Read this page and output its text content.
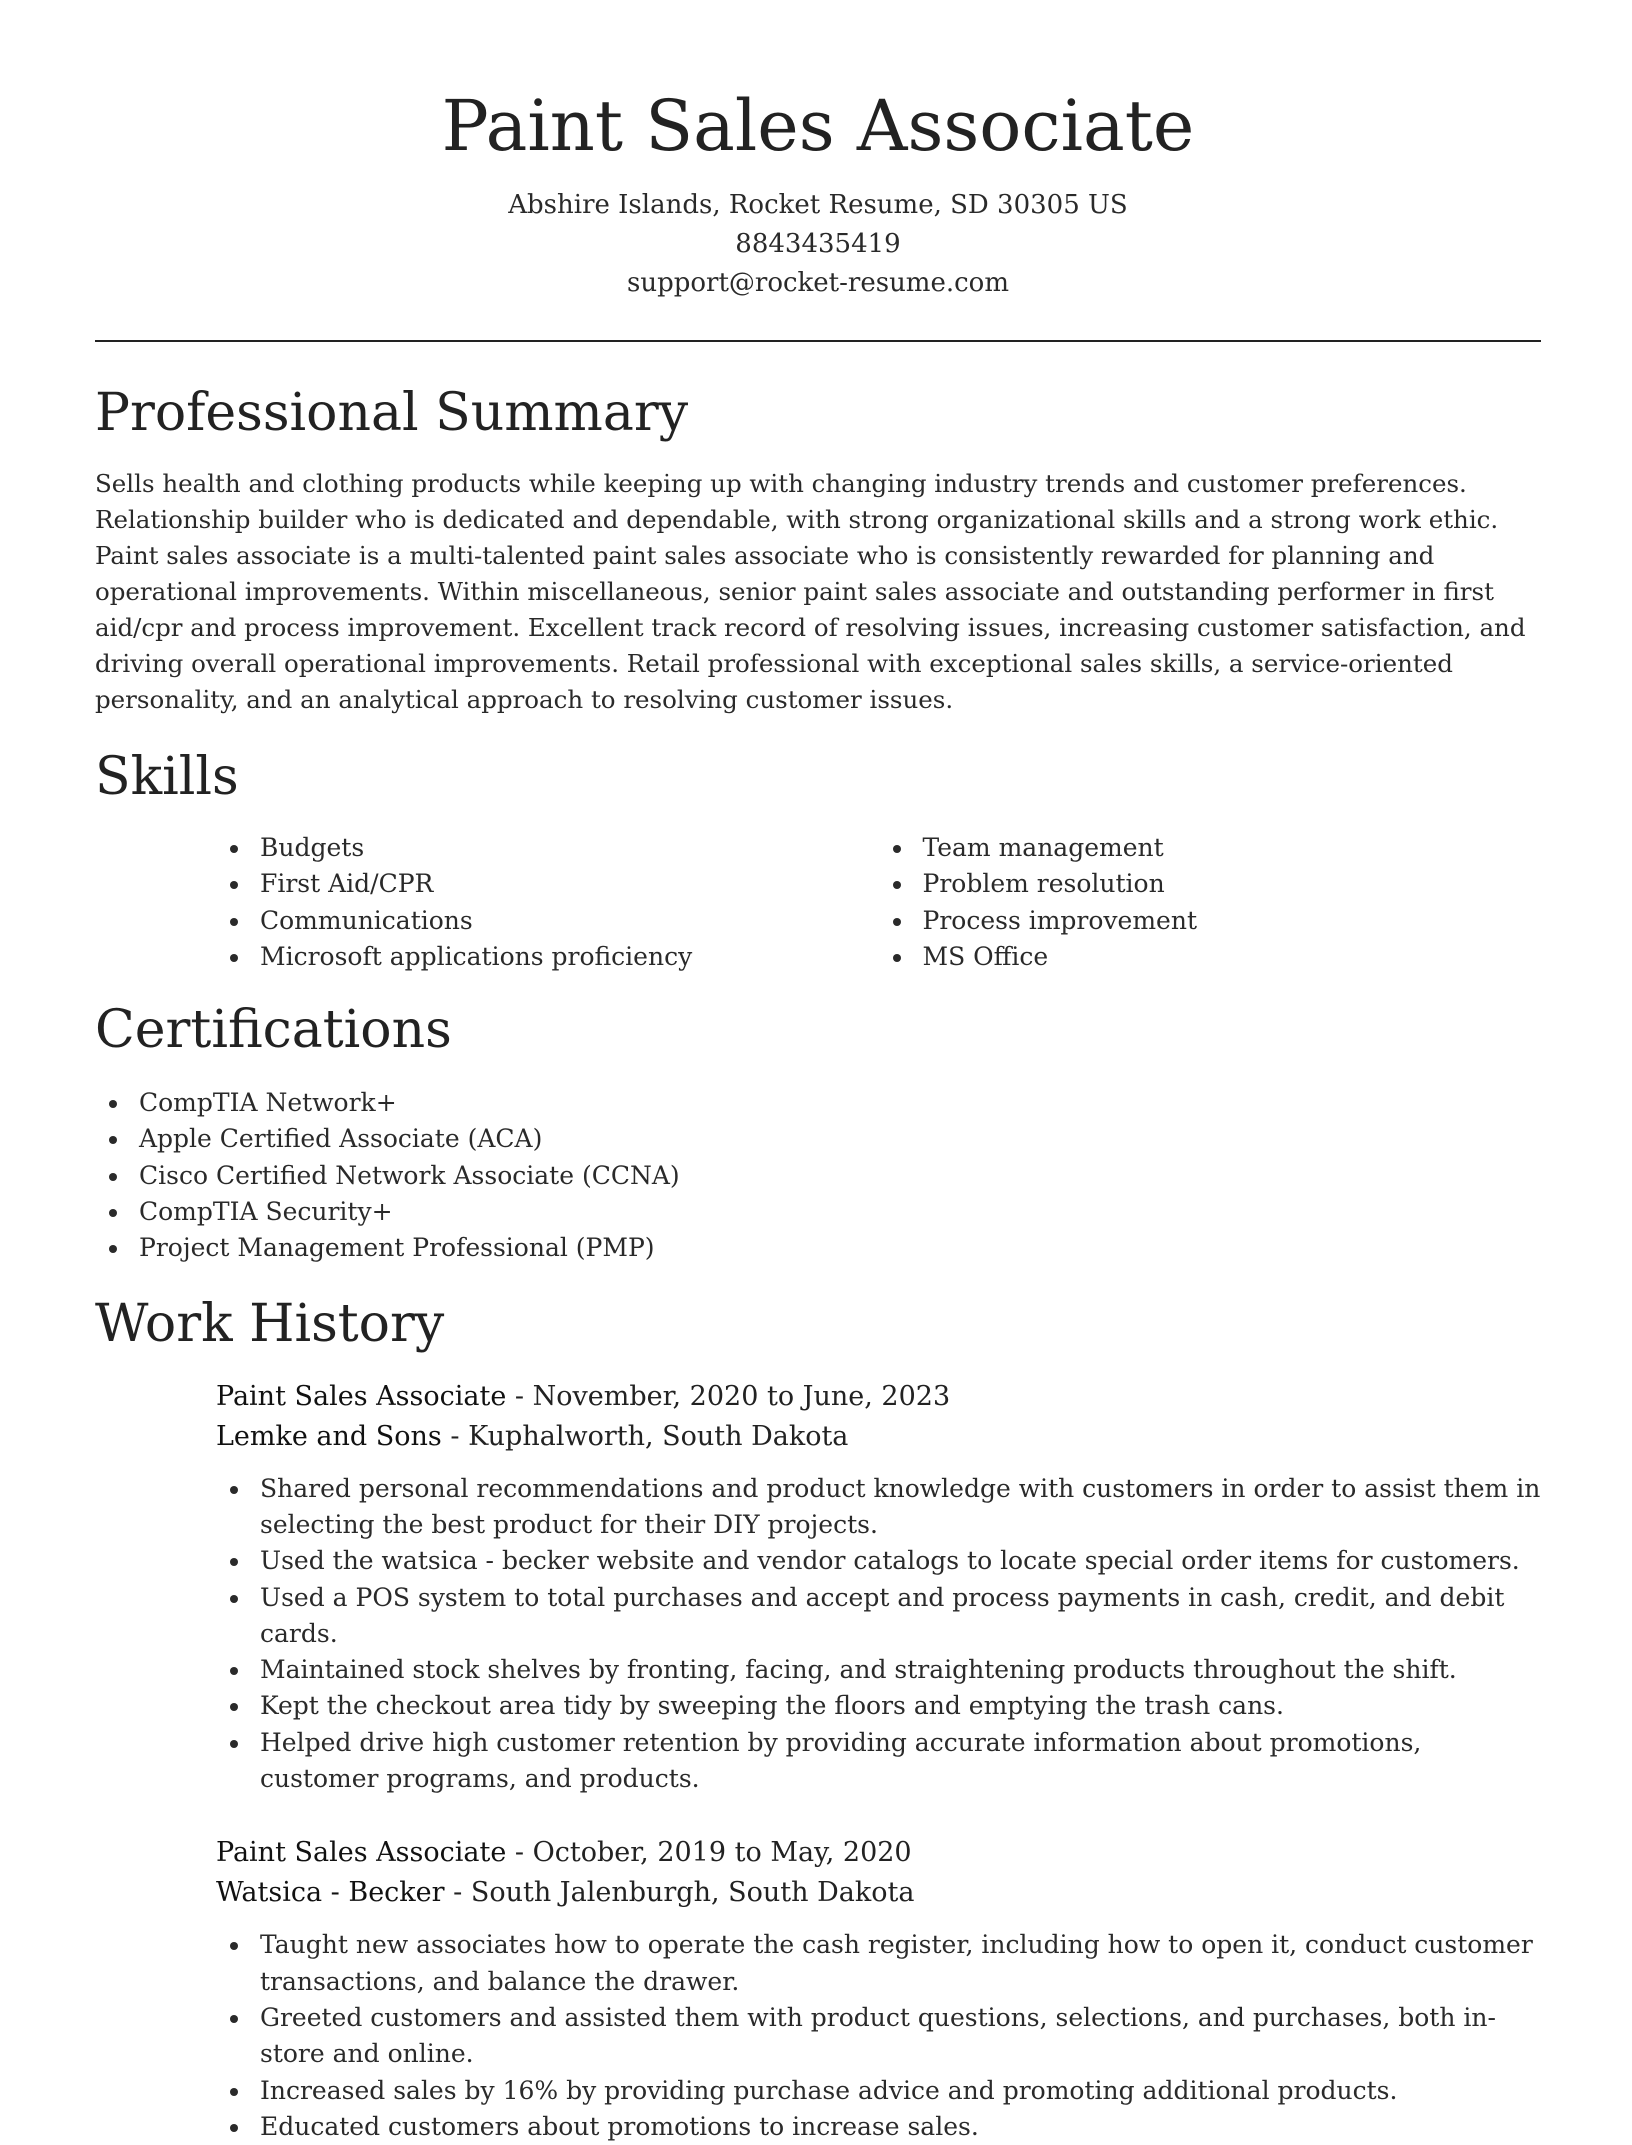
Paint Sales Associate
Abshire Islands, Rocket Resume, SD 30305 US
8843435419
support@rocket-resume.com
Professional Summary

Sells health and clothing products while keeping up with changing industry trends and customer preferences. Relationship builder who is dedicated and dependable, with strong organizational skills and a strong work ethic. Paint sales associate is a multi-talented paint sales associate who is consistently rewarded for planning and operational improvements. Within miscellaneous, senior paint sales associate and outstanding performer in first aid/cpr and process improvement. Excellent track record of resolving issues, increasing customer satisfaction, and driving overall operational improvements. Retail professional with exceptional sales skills, a service-oriented personality, and an analytical approach to resolving customer issues.

Skills
Budgets
First Aid/CPR
Communications
Microsoft applications proficiency
Team management
Problem resolution
Process improvement
MS Office
Certifications
CompTIA Network+
Apple Certified Associate (ACA)
Cisco Certified Network Associate (CCNA)
CompTIA Security+
Project Management Professional (PMP)
Work History
Paint Sales Associate - November, 2020 to June, 2023
Lemke and Sons - Kuphalworth, South Dakota
Shared personal recommendations and product knowledge with customers in order to assist them in selecting the best product for their DIY projects.
Used the watsica - becker website and vendor catalogs to locate special order items for customers.
Used a POS system to total purchases and accept and process payments in cash, credit, and debit cards.
Maintained stock shelves by fronting, facing, and straightening products throughout the shift.
Kept the checkout area tidy by sweeping the floors and emptying the trash cans.
Helped drive high customer retention by providing accurate information about promotions, customer programs, and products.
Paint Sales Associate - October, 2019 to May, 2020
Watsica - Becker - South Jalenburgh, South Dakota
Taught new associates how to operate the cash register, including how to open it, conduct customer transactions, and balance the drawer.
Greeted customers and assisted them with product questions, selections, and purchases, both in-store and online.
Increased sales by 16% by providing purchase advice and promoting additional products.
Educated customers about promotions to increase sales.
